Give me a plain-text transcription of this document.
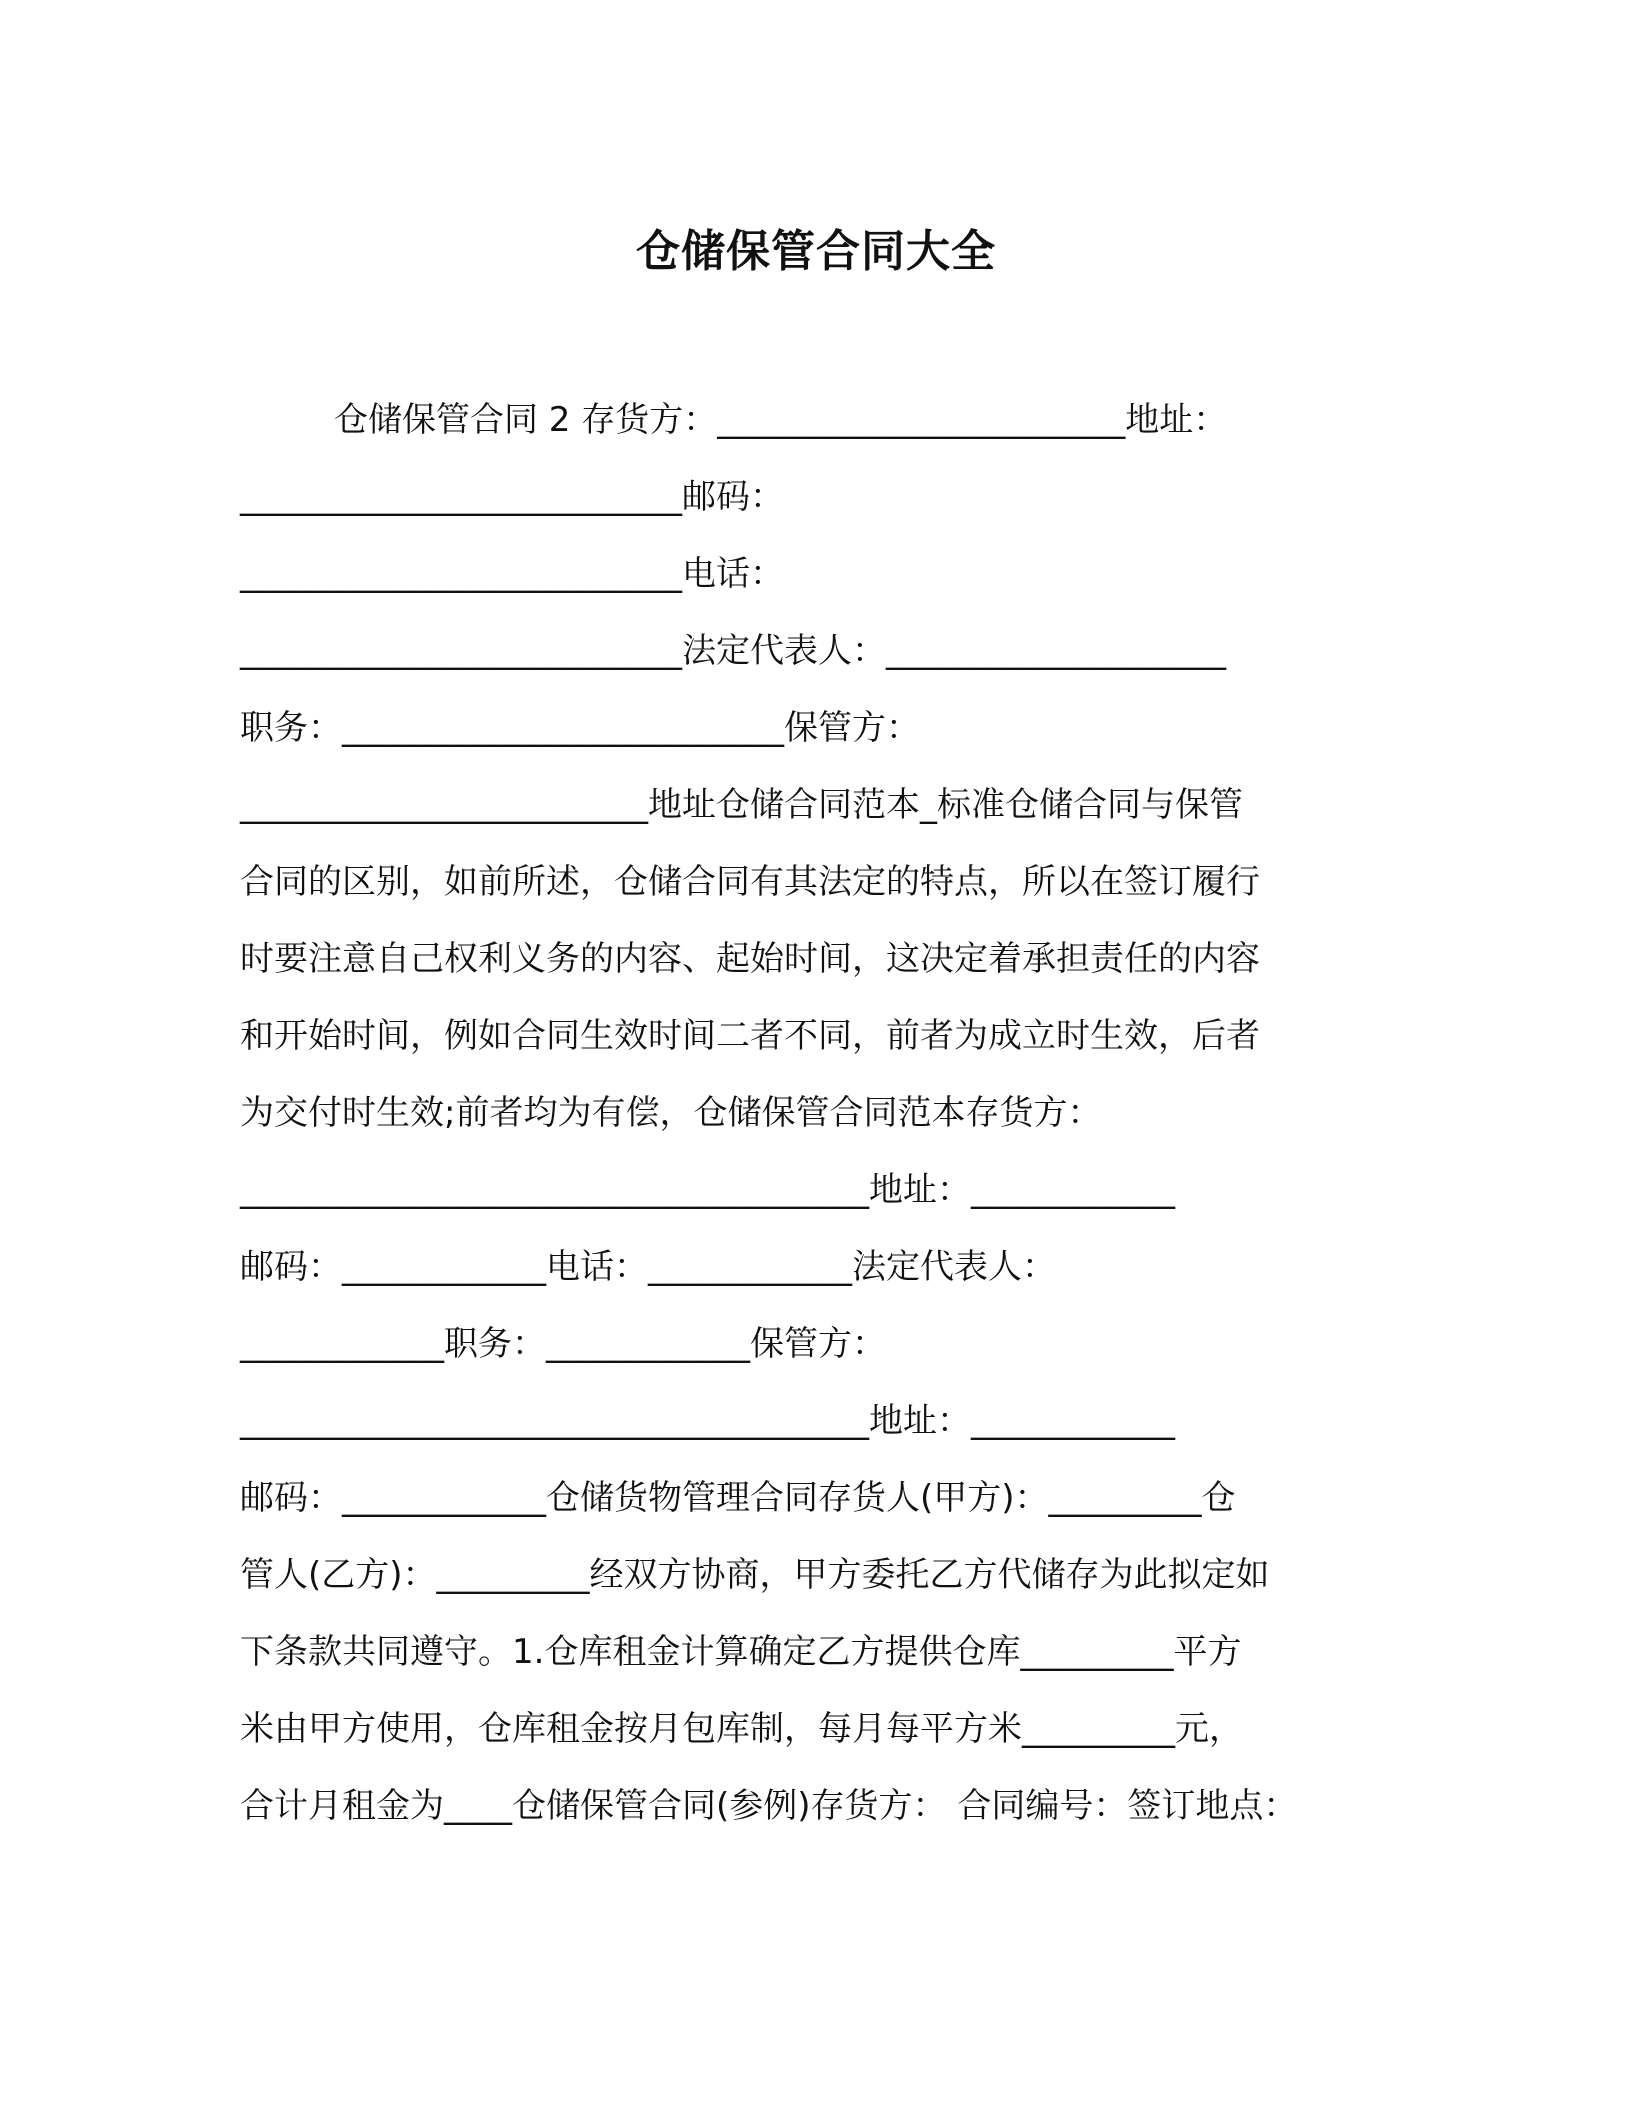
仓储保管合同大全
仓储保管合同 2 存货方：________________________地址：
__________________________邮码：
__________________________电话：
__________________________法定代表人：____________________
职务：__________________________保管方：
________________________地址仓储合同范本_标准仓储合同与保管
合同的区别，如前所述，仓储合同有其法定的特点，所以在签订履行
时要注意自己权利义务的内容、起始时间，这决定着承担责任的内容
和开始时间，例如合同生效时间二者不同，前者为成立时生效，后者
为交付时生效;前者均为有偿，仓储保管合同范本存货方：
_____________________________________地址：____________
邮码：____________电话：____________法定代表人：
____________职务：____________保管方：
_____________________________________地址：____________
邮码：____________仓储货物管理合同存货人(甲方)：_________仓
管人(乙方)：_________经双方协商，甲方委托乙方代储存为此拟定如
下条款共同遵守。1.仓库租金计算确定乙方提供仓库_________平方
米由甲方使用，仓库租金按月包库制，每月每平方米_________元，
合计月租金为____仓储保管合同(参例)存货方： 合同编号：签订地点：
